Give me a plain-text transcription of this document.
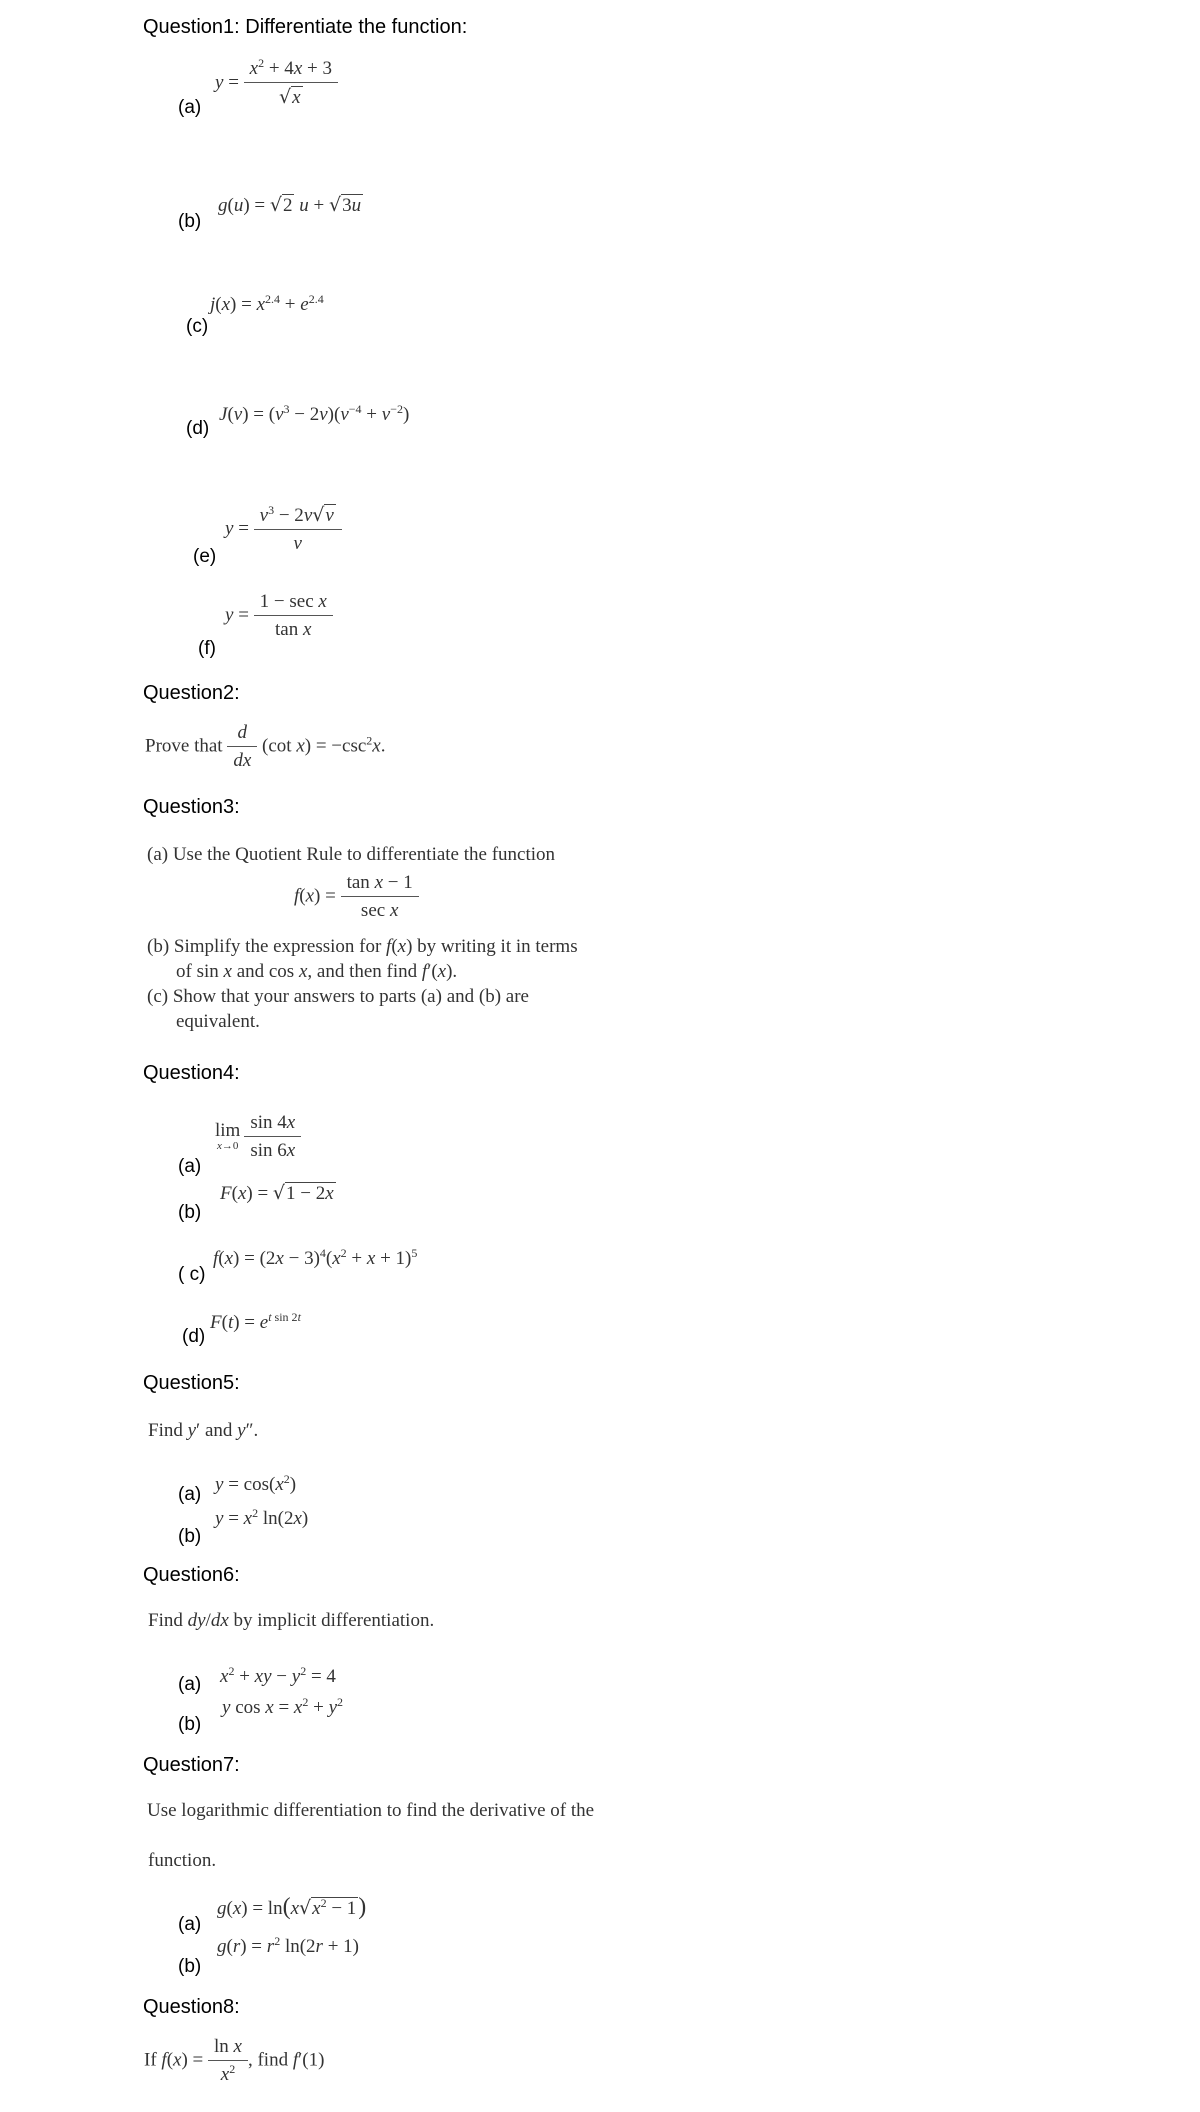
Question1: Differentiate the function:
$y = \frac{x^2 + 4x + 3}{√x}$
(a)
g(u) = √2 u + √3u
(b)
$j(x) = x^{2.4} + e^{2.4}$
(c)
$J(v) = (v^3 - 2v)(v^{-4} + v^{-2})$
(d)
$y = \frac{v^3 - 2v√v}{v}$
(e)
$y = \frac{\text{1 − sec x}}{\text{tan x}}$
(f)
Question2:
Prove that $\frac{d}{dx} (\cot$ $x) = -\csc^2x$.
Question3:
(a) Use the Quotient Rule to differentiate the function
$f(x) = \frac{\text{tan x − 1}}{\text{sec x}}$
(b) Simplify the expression for f(x) by writing it in terms
of sin x and cos x, and then find f′(x).
(c) Show that your answers to parts (a) and (b) are
equivalent.
Question4:
lim
$x\to 0 \frac{\sin 4x}{\sin 6x}$
(a)
F(x) = √1 − 2x
(b)
$f(x) = (2x - 3)^4(x^2 + x + 1)^5$
( c)
$F(t) = e^{t sin 2t}$
(d)
Question5:
Find y′ and y″.
$y = \cos(x^2)$
(a)
$y = x^2$ ln(2x)
(b)
Question6:
Find dy/dx by implicit differentiation.
$x^2$ + xy − $y^2 = 4$
(a)
y $\cos x = x^2 + y^2$
(b)
Question7:
Use logarithmic differentiation to find the derivative of the
function.
$g(x) = \ln(x√x^2 - 1)$
(a)
$g(r) = r^2$ ln(2r + 1)
(b)
Question8:
If $f(x) = \frac{\text{ln x}}{x^2}$ , find f′(1)
